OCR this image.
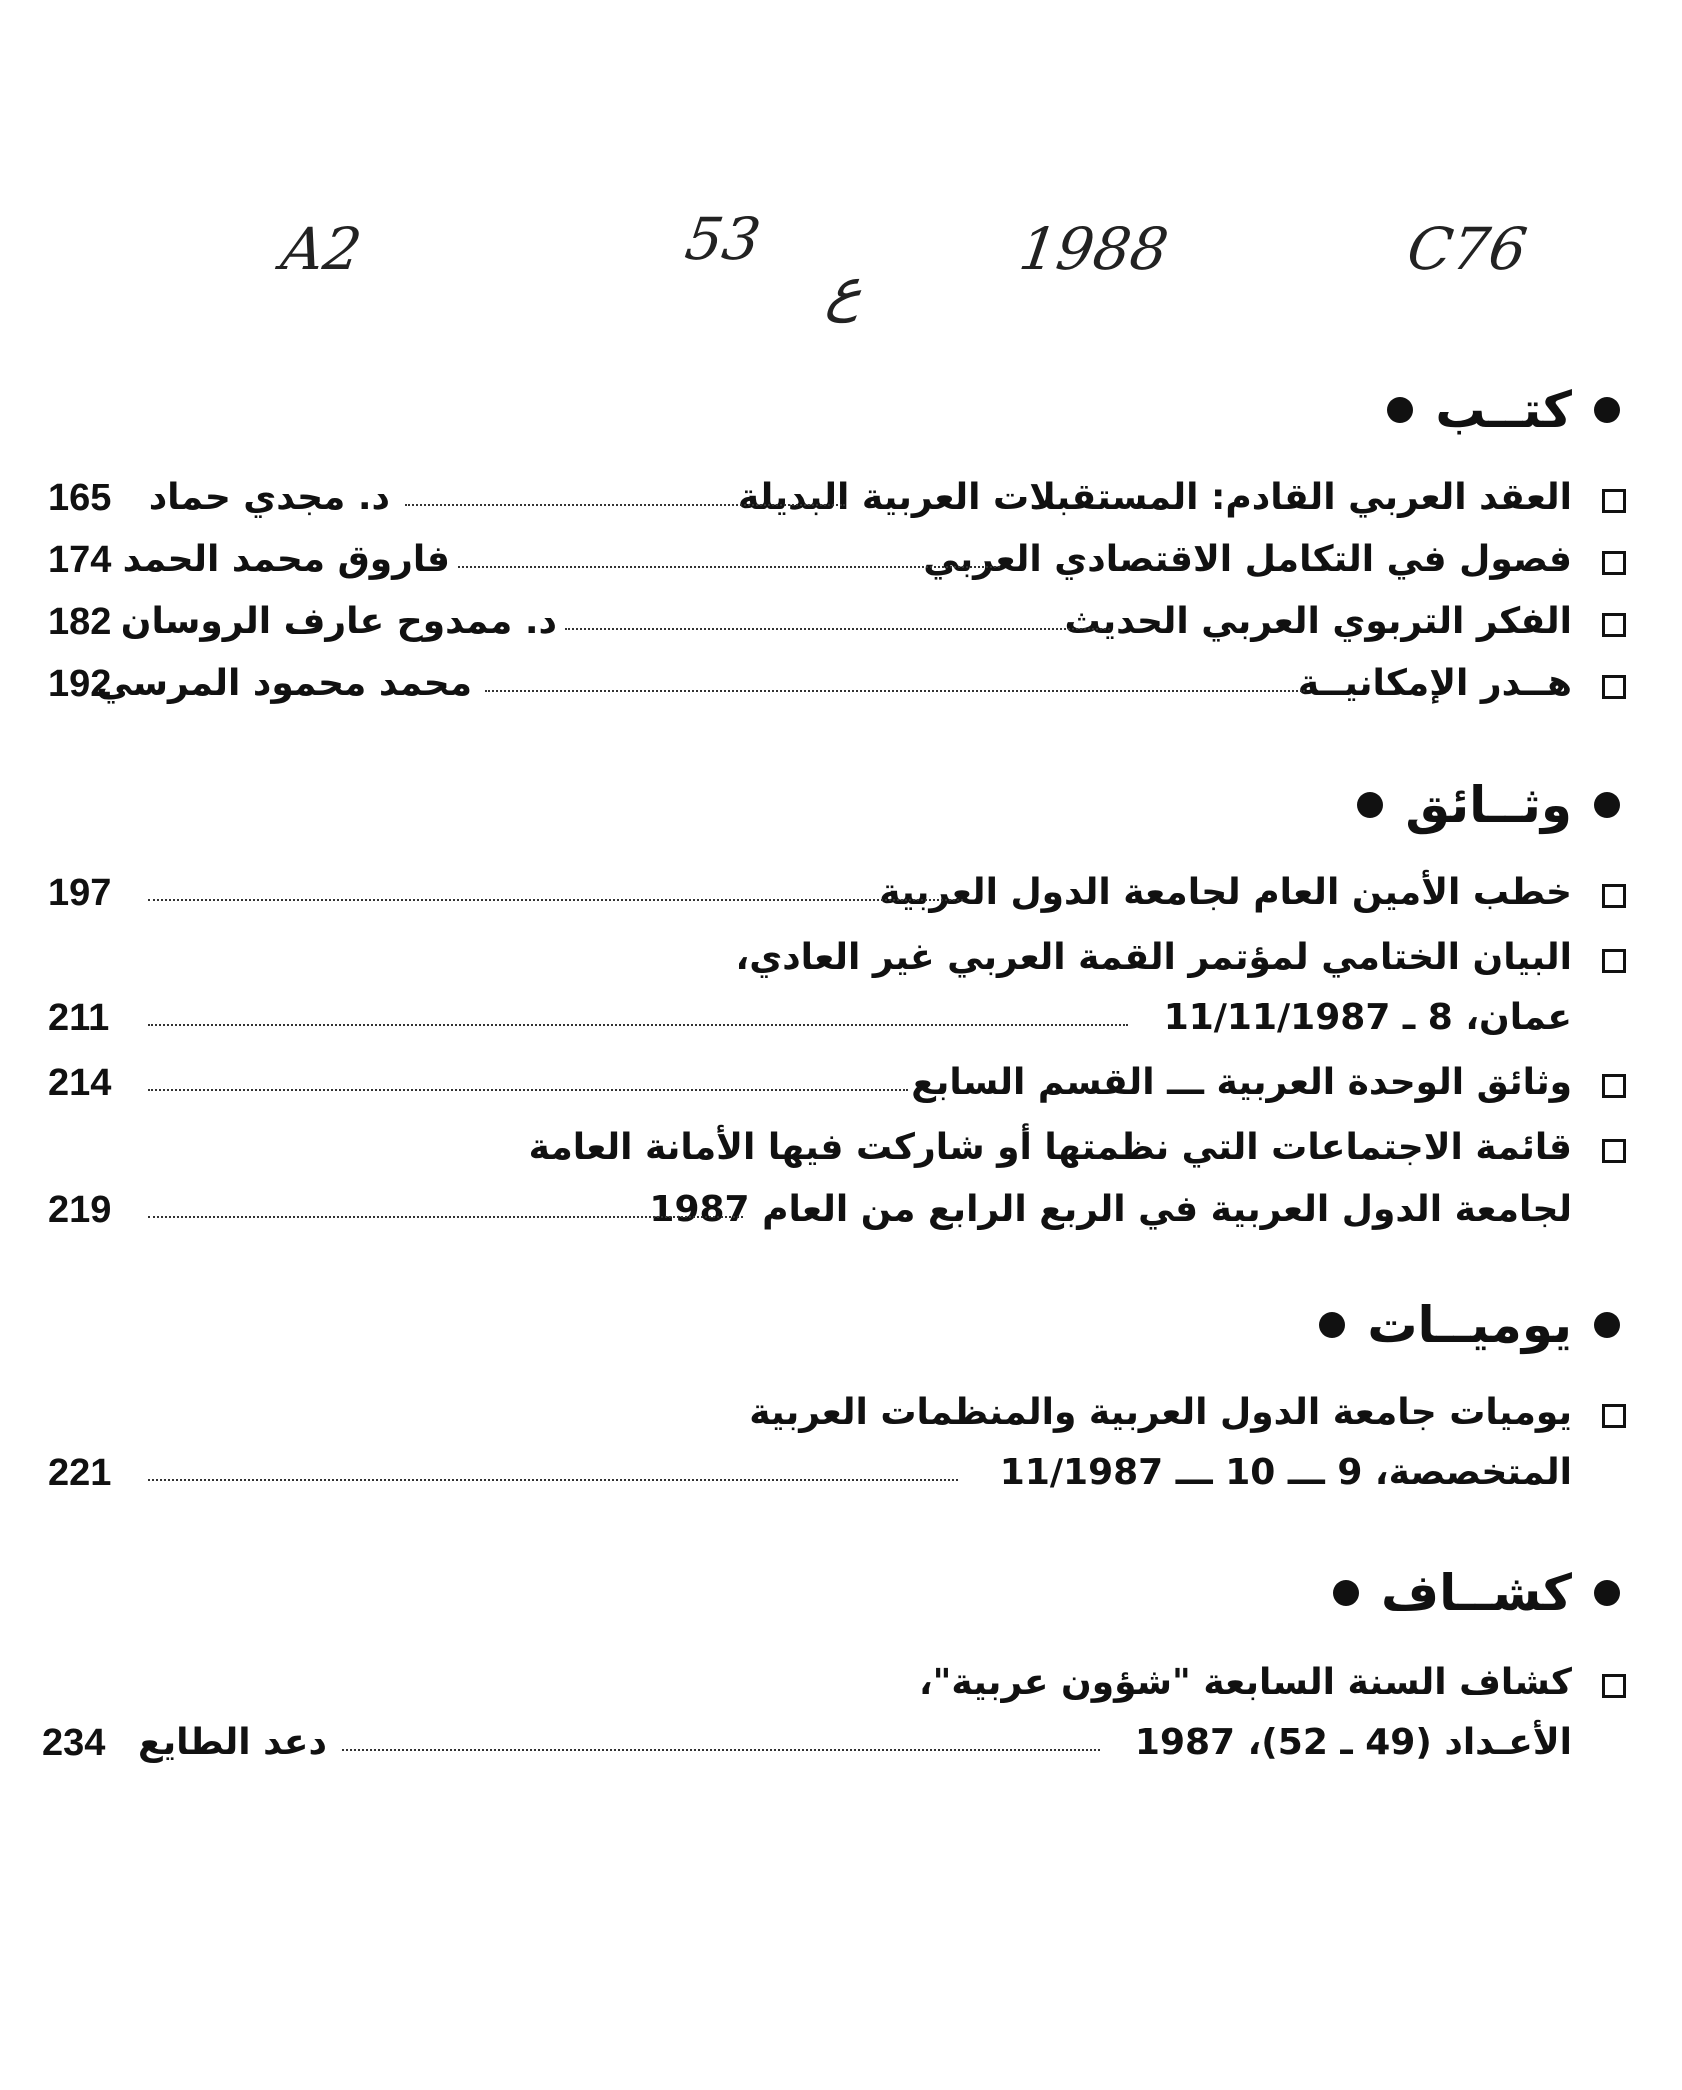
A2	53
ع
1988	C76
كتــب
العقد العربي القادم: المستقبلات العربية البديلة
د. مجدي حماد
165
فصول في التكامل الاقتصادي العربي
فاروق محمد الحمد
174
الفكر التربوي العربي الحديث
د. ممدوح عارف الروسان
182
هــدر الإمكانيــة
محمد محمود المرسي
192
وثــائق
خطب الأمين العام لجامعة الدول العربية
197
البيان الختامي لمؤتمر القمة العربي غير العادي،
عمان، 8 ـ 11/11/1987
211
وثائق الوحدة العربية ـــ القسم السابع
214
قائمة الاجتماعات التي نظمتها أو شاركت فيها الأمانة العامة
لجامعة الدول العربية في الربع الرابع من العام 1987
219
يوميــات
يوميات جامعة الدول العربية والمنظمات العربية
المتخصصة، 9 ـــ 10 ـــ 11/1987
221
كشــاف
كشاف السنة السابعة "شؤون عربية"،
الأعـداد (49 ـ 52)، 1987
دعد الطايع
234
